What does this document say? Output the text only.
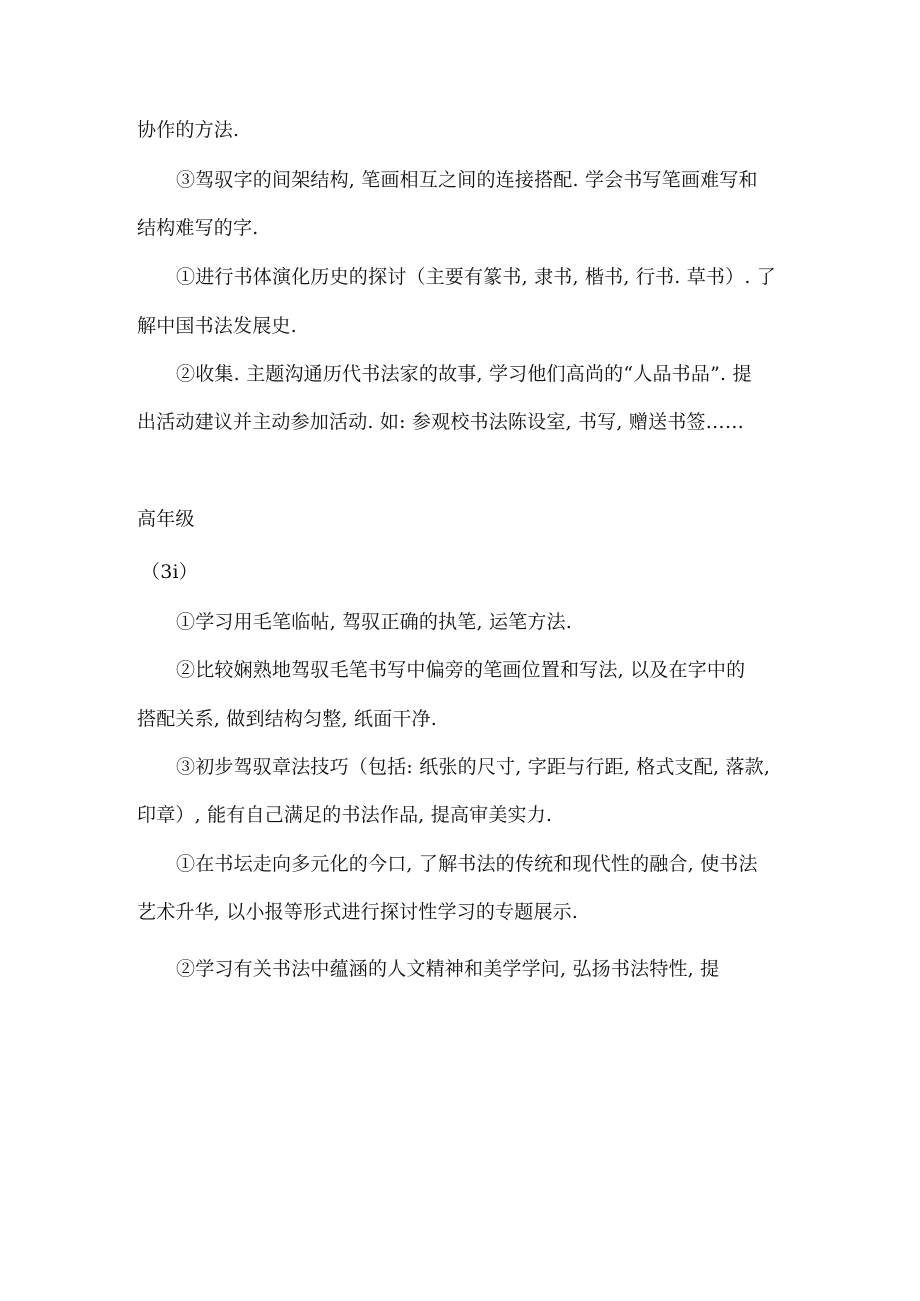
协作的方法.
③驾驭字的间架结构, 笔画相互之间的连接搭配. 学会书写笔画难写和
结构难写的字.
①进行书体演化历史的探讨（主要有篆书, 隶书, 楷书, 行书. 草书）. 了
解中国书法发展史.
②收集. 主题沟通历代书法家的故事, 学习他们高尚的“人品书品”. 提
出活动建议并主动参加活动. 如: 参观校书法陈设室, 书写, 赠送书签……
高年级
（3i）
①学习用毛笔临帖, 驾驭正确的执笔, 运笔方法.
②比较娴熟地驾驭毛笔书写中偏旁的笔画位置和写法, 以及在字中的
搭配关系, 做到结构匀整, 纸面干净.
③初步驾驭章法技巧（包括: 纸张的尺寸, 字距与行距, 格式支配, 落款,
印章）, 能有自己满足的书法作品, 提高审美实力.
①在书坛走向多元化的今口, 了解书法的传统和现代性的融合, 使书法
艺术升华, 以小报等形式进行探讨性学习的专题展示.
②学习有关书法中蕴涵的人文精神和美学学问, 弘扬书法特性, 提
